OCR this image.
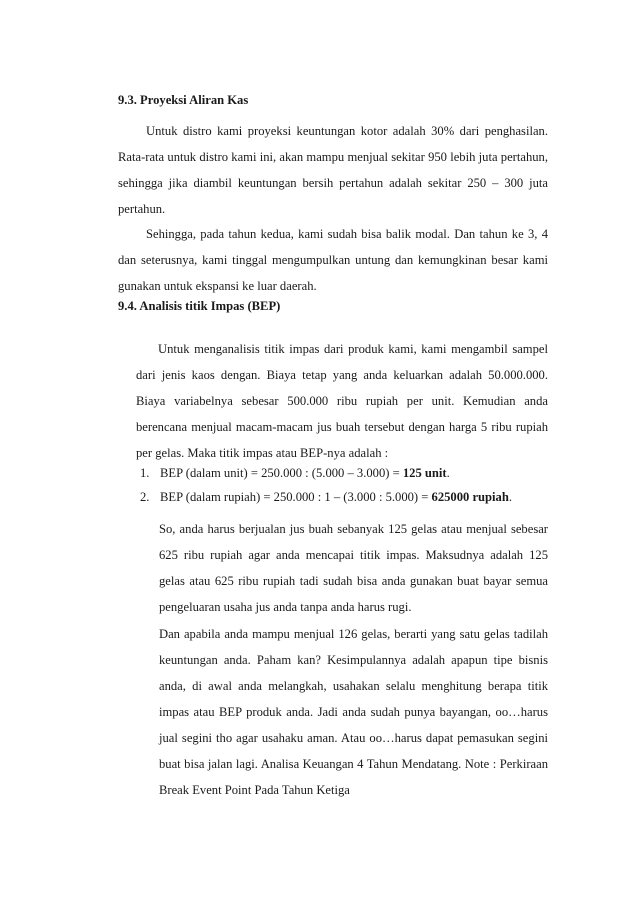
9.3. Proyeksi Aliran Kas

Untuk distro kami proyeksi keuntungan kotor adalah 30% dari penghasilan. Rata-rata untuk distro kami ini, akan mampu menjual sekitar 950 lebih juta pertahun, sehingga jika diambil keuntungan bersih pertahun adalah sekitar 250 – 300 juta pertahun.

Sehingga, pada tahun kedua, kami sudah bisa balik modal. Dan tahun ke 3, 4 dan seterusnya, kami tinggal mengumpulkan untung dan kemungkinan besar kami gunakan untuk ekspansi ke luar daerah.

9.4. Analisis titik Impas (BEP)

Untuk menganalisis titik impas dari produk kami, kami mengambil sampel dari jenis kaos dengan. Biaya tetap yang anda keluarkan adalah 50.000.000. Biaya variabelnya sebesar 500.000 ribu rupiah per unit. Kemudian anda berencana menjual macam-macam jus buah tersebut dengan harga 5 ribu rupiah per gelas. Maka titik impas atau BEP-nya adalah :

1. BEP (dalam unit) = 250.000 : (5.000 – 3.000) = 125 unit.
2. BEP (dalam rupiah) = 250.000 : 1 – (3.000 : 5.000) = 625000 rupiah.

So, anda harus berjualan jus buah sebanyak 125 gelas atau menjual sebesar 625 ribu rupiah agar anda mencapai titik impas. Maksudnya adalah 125 gelas atau 625 ribu rupiah tadi sudah bisa anda gunakan buat bayar semua pengeluaran usaha jus anda tanpa anda harus rugi.

Dan apabila anda mampu menjual 126 gelas, berarti yang satu gelas tadilah keuntungan anda. Paham kan? Kesimpulannya adalah apapun tipe bisnis anda, di awal anda melangkah, usahakan selalu menghitung berapa titik impas atau BEP produk anda. Jadi anda sudah punya bayangan, oo…harus jual segini tho agar usahaku aman. Atau oo…harus dapat pemasukan segini buat bisa jalan lagi. Analisa Keuangan 4 Tahun Mendatang. Note : Perkiraan Break Event Point Pada Tahun Ketiga
